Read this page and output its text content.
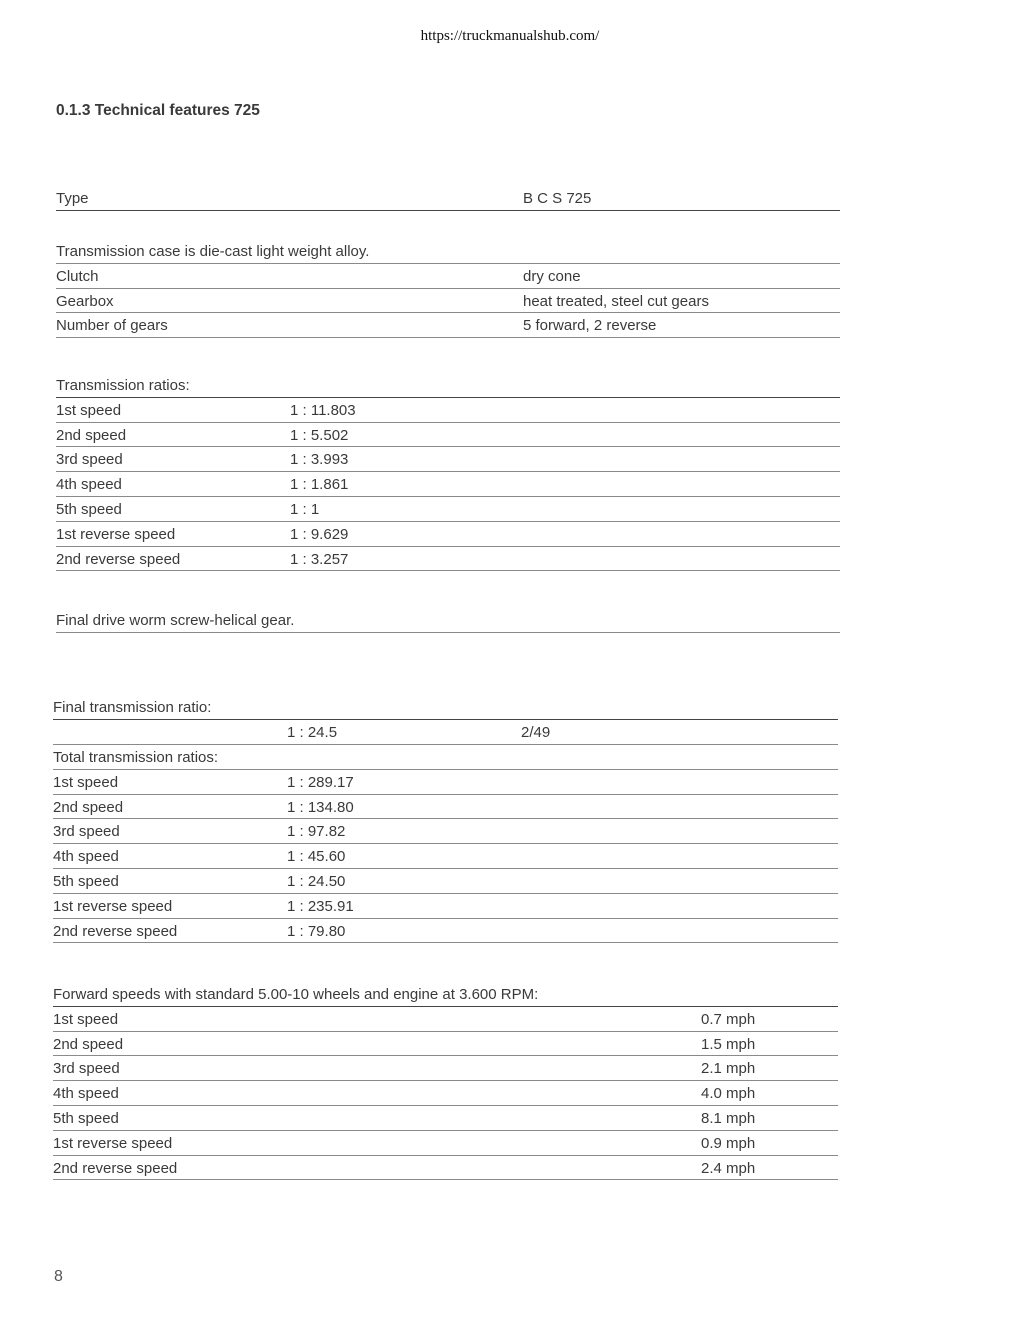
https://truckmanualshub.com/
0.1.3 Technical features 725
Type	B C S 725
Transmission case is die-cast light weight alloy.
Clutch	dry cone
Gearbox	heat treated, steel cut gears
Number of gears	5 forward, 2 reverse
Transmission ratios:
1st speed	1 : 11.803
2nd speed	1 : 5.502
3rd speed	1 : 3.993
4th speed	1 : 1.861
5th speed	1 : 1
1st reverse speed	1 : 9.629
2nd reverse speed	1 : 3.257
Final drive worm screw-helical gear.
Final transmission ratio:
1 : 24.5	2/49
Total transmission ratios:
1st speed	1 : 289.17
2nd speed	1 : 134.80
3rd speed	1 : 97.82
4th speed	1 : 45.60
5th speed	1 : 24.50
1st reverse speed	1 : 235.91
2nd reverse speed	1 : 79.80
Forward speeds with standard 5.00-10 wheels and engine at 3.600 RPM:
1st speed	0.7 mph
2nd speed	1.5 mph
3rd speed	2.1 mph
4th speed	4.0 mph
5th speed	8.1 mph
1st reverse speed	0.9 mph
2nd reverse speed	2.4 mph
8
